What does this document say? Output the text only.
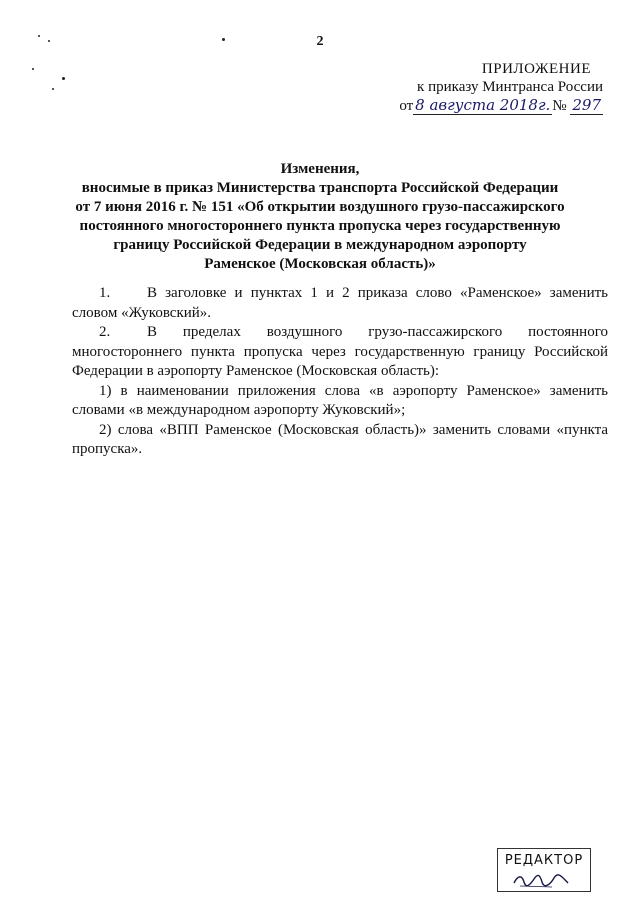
2
ПРИЛОЖЕНИЕ
к приказу Минтранса России
от 8 августа 2018г. № 297
Изменения,
вносимые в приказ Министерства транспорта Российской Федерации
от 7 июня 2016 г. № 151 «Об открытии воздушного грузо-пассажирского
постоянного многостороннего пункта пропуска через государственную
границу Российской Федерации в международном аэропорту
Раменское (Московская область)»

1. В заголовке и пунктах 1 и 2 приказа слово «Раменское» заменить словом «Жуковский».

2. В пределах воздушного грузо-пассажирского постоянного многостороннего пункта пропуска через государственную границу Российской Федерации в аэропорту Раменское (Московская область):

1) в наименовании приложения слова «в аэропорту Раменское» заменить словами «в международном аэропорту Жуковский»;

2) слова «ВПП Раменское (Московская область)» заменить словами «пункта пропуска».

РЕДАКТОР
